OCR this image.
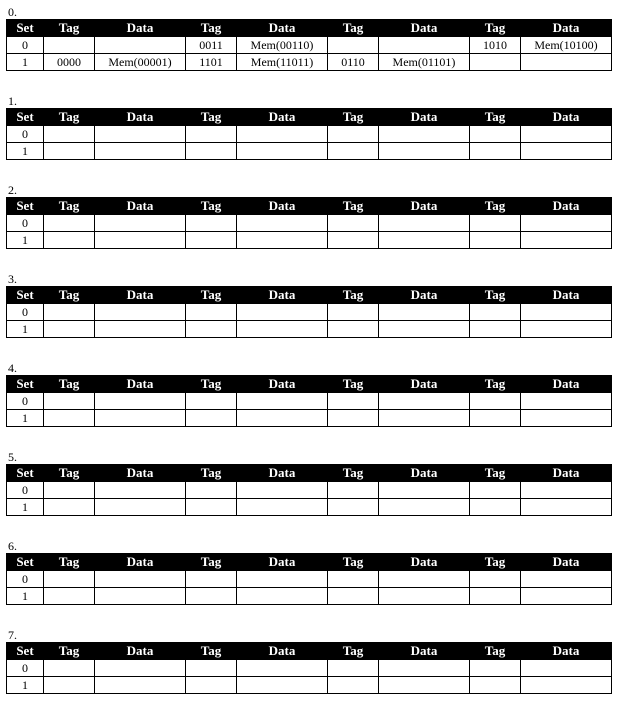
0.
Set	Tag	Data	Tag	Data	Tag	Data	Tag	Data
0			0011	Mem(00110)			1010	Mem(10100)
1	0000	Mem(00001)	1101	Mem(11011)	0110	Mem(01101)		
1.
Set	Tag	Data	Tag	Data	Tag	Data	Tag	Data
0								
1								
2.
Set	Tag	Data	Tag	Data	Tag	Data	Tag	Data
0								
1								
3.
Set	Tag	Data	Tag	Data	Tag	Data	Tag	Data
0								
1								
4.
Set	Tag	Data	Tag	Data	Tag	Data	Tag	Data
0								
1								
5.
Set	Tag	Data	Tag	Data	Tag	Data	Tag	Data
0								
1								
6.
Set	Tag	Data	Tag	Data	Tag	Data	Tag	Data
0								
1								
7.
Set	Tag	Data	Tag	Data	Tag	Data	Tag	Data
0								
1								
